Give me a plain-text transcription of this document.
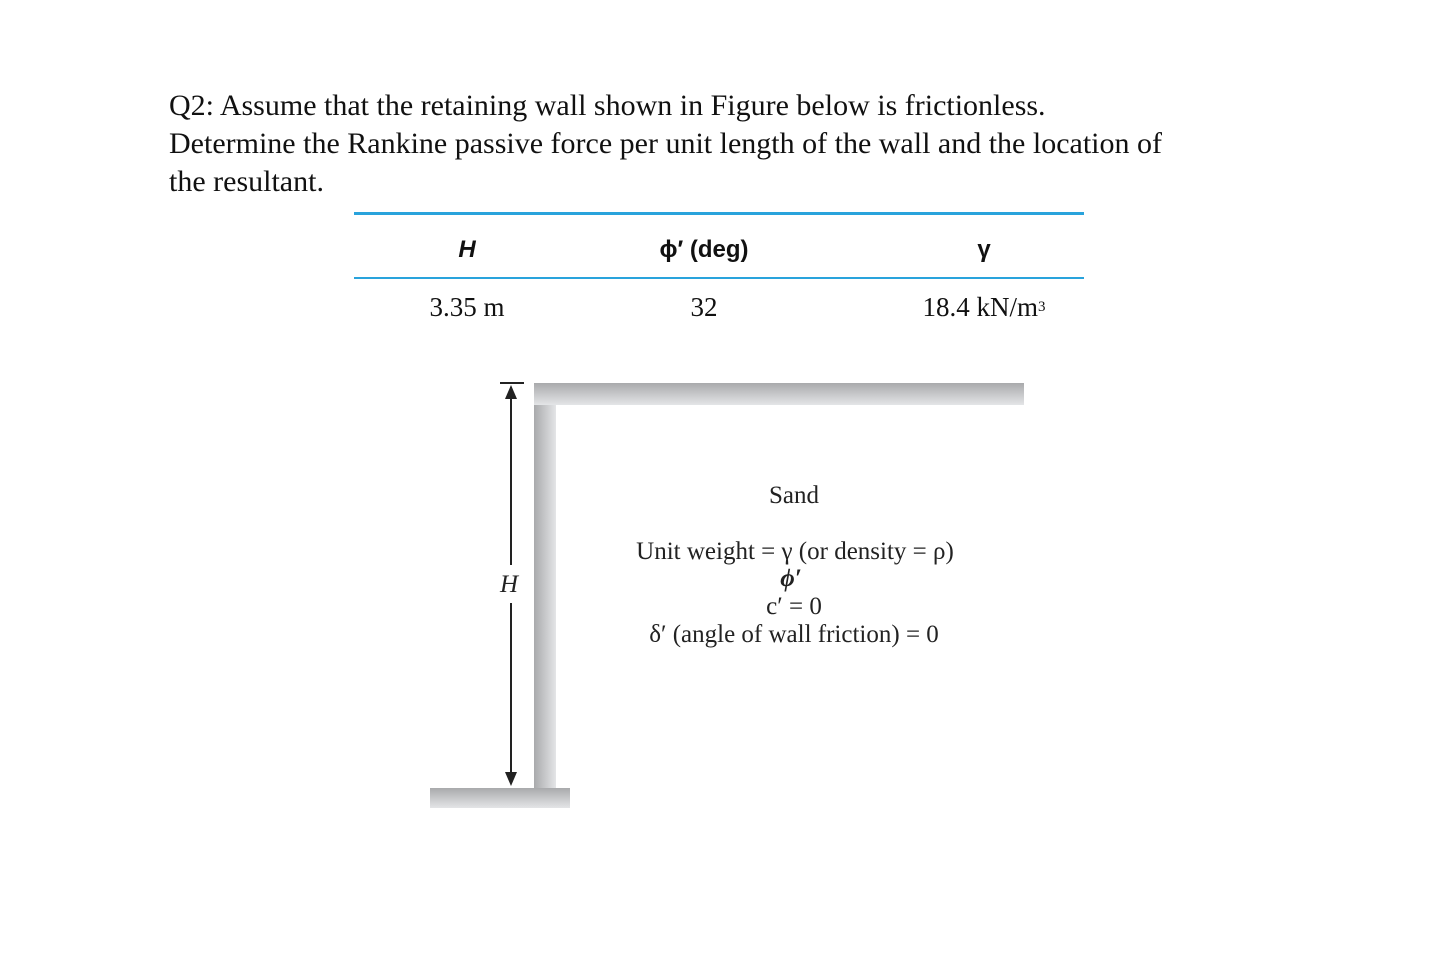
Q2: Assume that the retaining wall shown in Figure below is frictionless.
Determine the Rankine passive force per unit length of the wall and the location of
the resultant.
H	ϕ′ (deg)	γ
3.35 m	32	18.4 kN/m 3
H
Sand
Unit weight = γ (or density = ρ)
ϕ′
c′ = 0
δ′ (angle of wall friction) = 0
